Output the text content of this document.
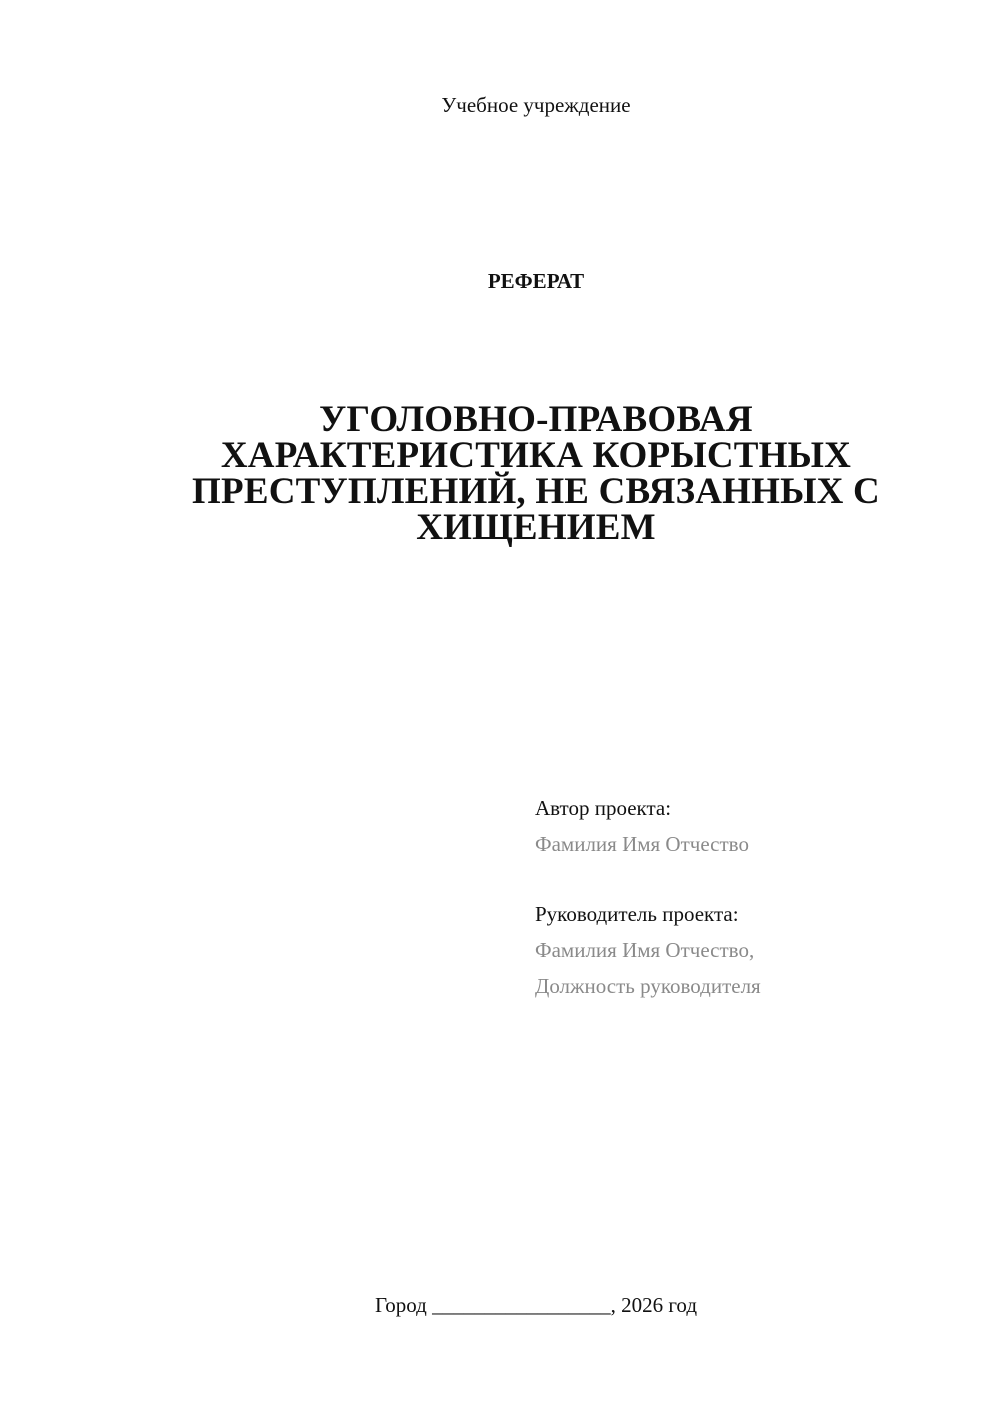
Учебное учреждение
РЕФЕРАТ
УГОЛОВНО-ПРАВОВАЯ
ХАРАКТЕРИСТИКА КОРЫСТНЫХ
ПРЕСТУПЛЕНИЙ, НЕ СВЯЗАННЫХ С
ХИЩЕНИЕМ
Автор проекта:
Фамилия Имя Отчество
Руководитель проекта:
Фамилия Имя Отчество,
Должность руководителя
Город _________________, 2026 год
